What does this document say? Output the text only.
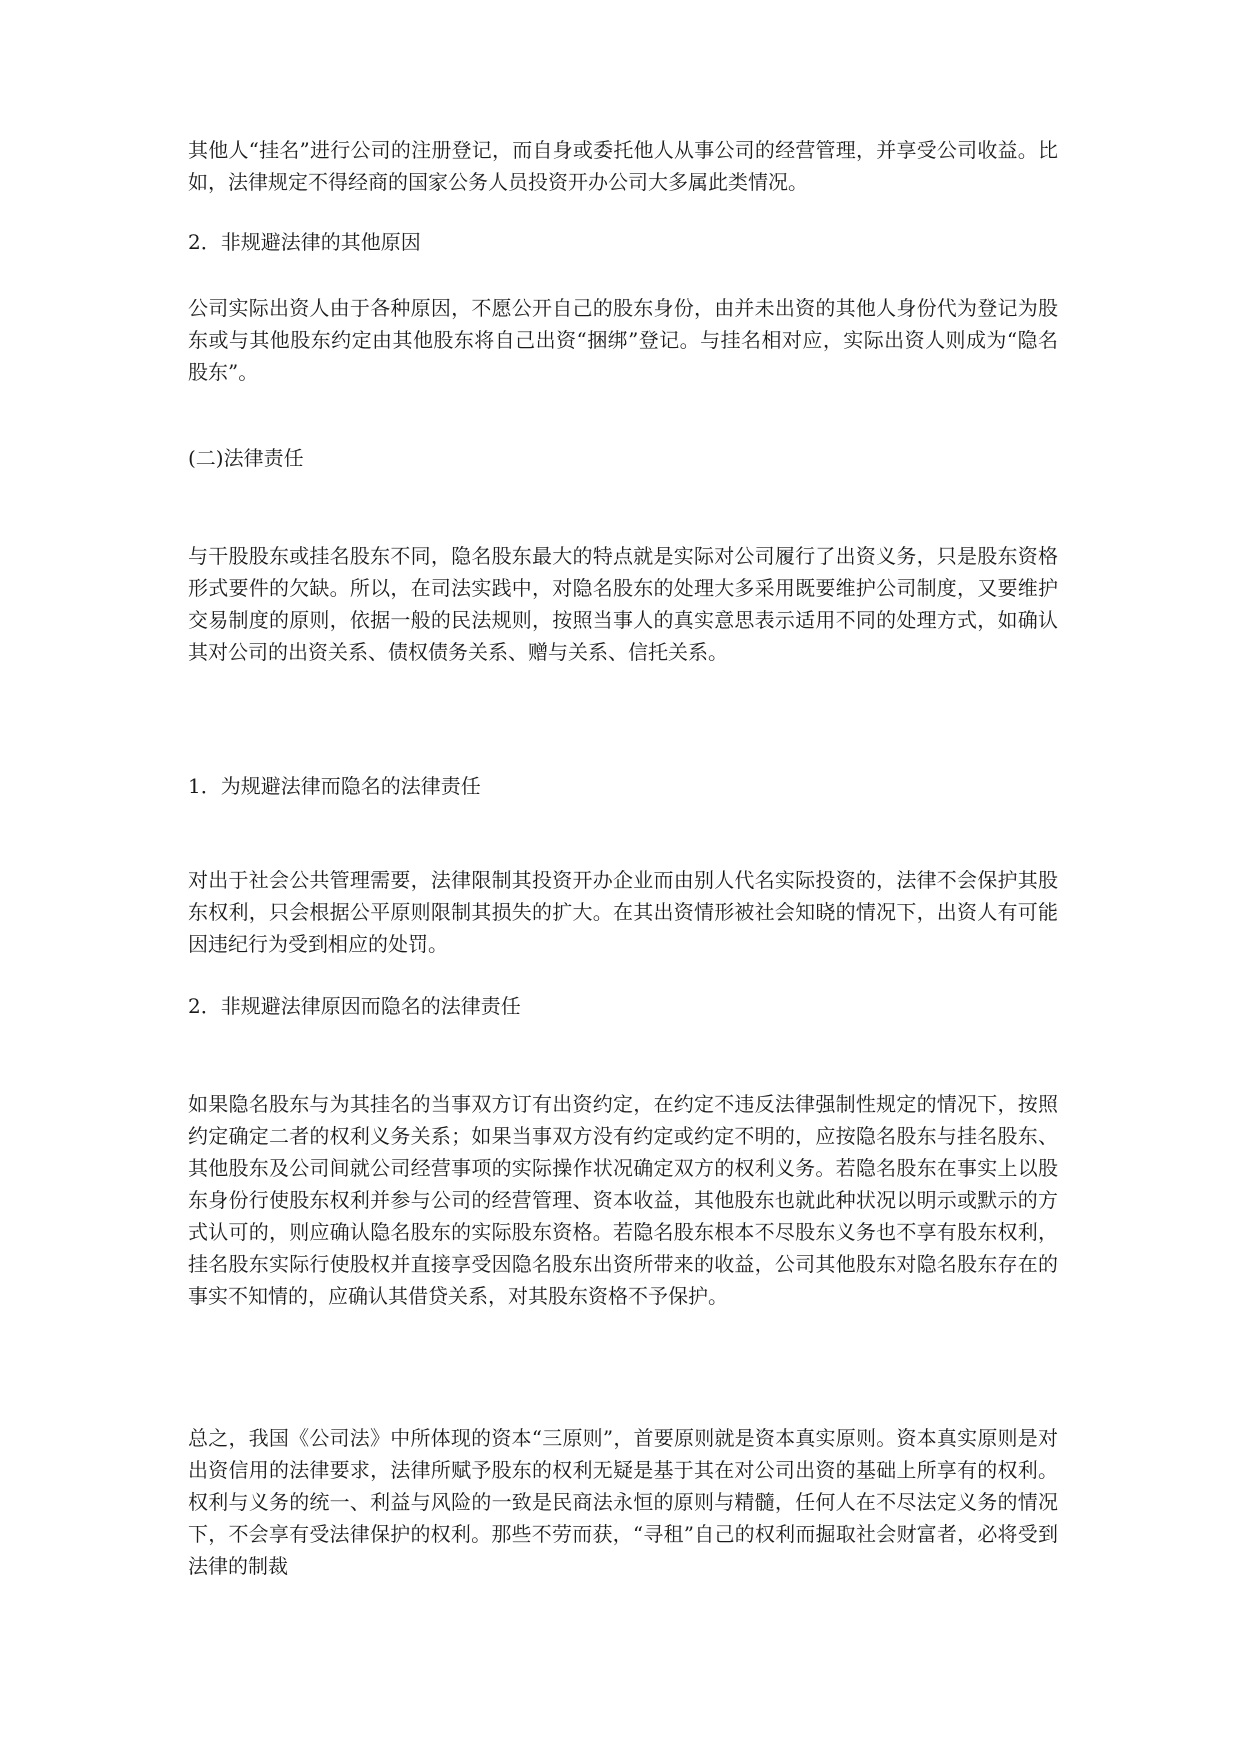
其他人“挂名”进行公司的注册登记，而自身或委托他人从事公司的经营管理，并享受公司收益。比如，法律规定不得经商的国家公务人员投资开办公司大多属此类情况。

2．非规避法律的其他原因

公司实际出资人由于各种原因，不愿公开自己的股东身份，由并未出资的其他人身份代为登记为股东或与其他股东约定由其他股东将自己出资“捆绑”登记。与挂名相对应，实际出资人则成为“隐名股东”。

(二)法律责任

与干股股东或挂名股东不同，隐名股东最大的特点就是实际对公司履行了出资义务，只是股东资格形式要件的欠缺。所以，在司法实践中，对隐名股东的处理大多采用既要维护公司制度，又要维护交易制度的原则，依据一般的民法规则，按照当事人的真实意思表示适用不同的处理方式，如确认其对公司的出资关系、债权债务关系、赠与关系、信托关系。

1．为规避法律而隐名的法律责任

对出于社会公共管理需要，法律限制其投资开办企业而由别人代名实际投资的，法律不会保护其股东权利，只会根据公平原则限制其损失的扩大。在其出资情形被社会知晓的情况下，出资人有可能因违纪行为受到相应的处罚。

2．非规避法律原因而隐名的法律责任

如果隐名股东与为其挂名的当事双方订有出资约定，在约定不违反法律强制性规定的情况下，按照约定确定二者的权利义务关系；如果当事双方没有约定或约定不明的，应按隐名股东与挂名股东、其他股东及公司间就公司经营事项的实际操作状况确定双方的权利义务。若隐名股东在事实上以股东身份行使股东权利并参与公司的经营管理、资本收益，其他股东也就此种状况以明示或默示的方式认可的，则应确认隐名股东的实际股东资格。若隐名股东根本不尽股东义务也不享有股东权利，挂名股东实际行使股权并直接享受因隐名股东出资所带来的收益，公司其他股东对隐名股东存在的事实不知情的，应确认其借贷关系，对其股东资格不予保护。

总之，我国《公司法》中所体现的资本“三原则”，首要原则就是资本真实原则。资本真实原则是对出资信用的法律要求，法律所赋予股东的权利无疑是基于其在对公司出资的基础上所享有的权利。权利与义务的统一、利益与风险的一致是民商法永恒的原则与精髓，任何人在不尽法定义务的情况下，不会享有受法律保护的权利。那些不劳而获，“寻租”自己的权利而掘取社会财富者，必将受到法律的制裁
